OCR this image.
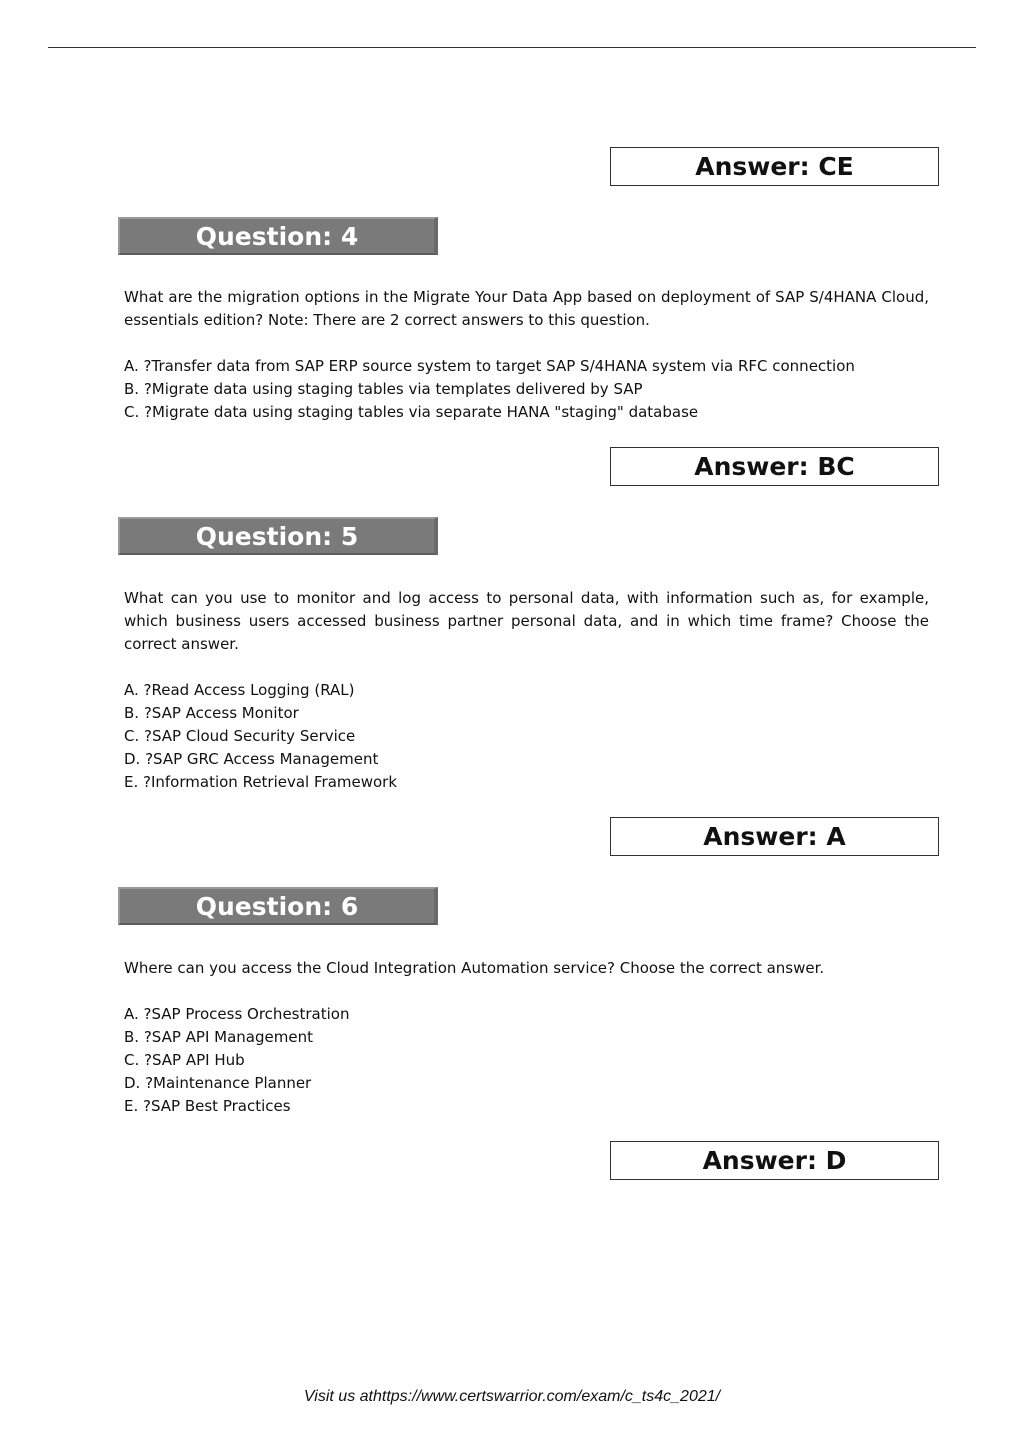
Answer: CE
Question: 4

What are the migration options in the Migrate Your Data App based on deployment of SAP S/4HANA Cloud, essentials edition? Note: There are 2 correct answers to this question.

A. ?Transfer data from SAP ERP source system to target SAP S/4HANA system via RFC connection
B. ?Migrate data using staging tables via templates delivered by SAP
C. ?Migrate data using staging tables via separate HANA "staging" database
Answer: BC
Question: 5

What can you use to monitor and log access to personal data, with information such as, for example, which business users accessed business partner personal data, and in which time frame? Choose the correct answer.

A. ?Read Access Logging (RAL)
B. ?SAP Access Monitor
C. ?SAP Cloud Security Service
D. ?SAP GRC Access Management
E. ?Information Retrieval Framework
Answer: A
Question: 6

Where can you access the Cloud Integration Automation service? Choose the correct answer.

A. ?SAP Process Orchestration
B. ?SAP API Management
C. ?SAP API Hub
D. ?Maintenance Planner
E. ?SAP Best Practices
Answer: D
Visit us athttps://www.certswarrior.com/exam/c_ts4c_2021/
